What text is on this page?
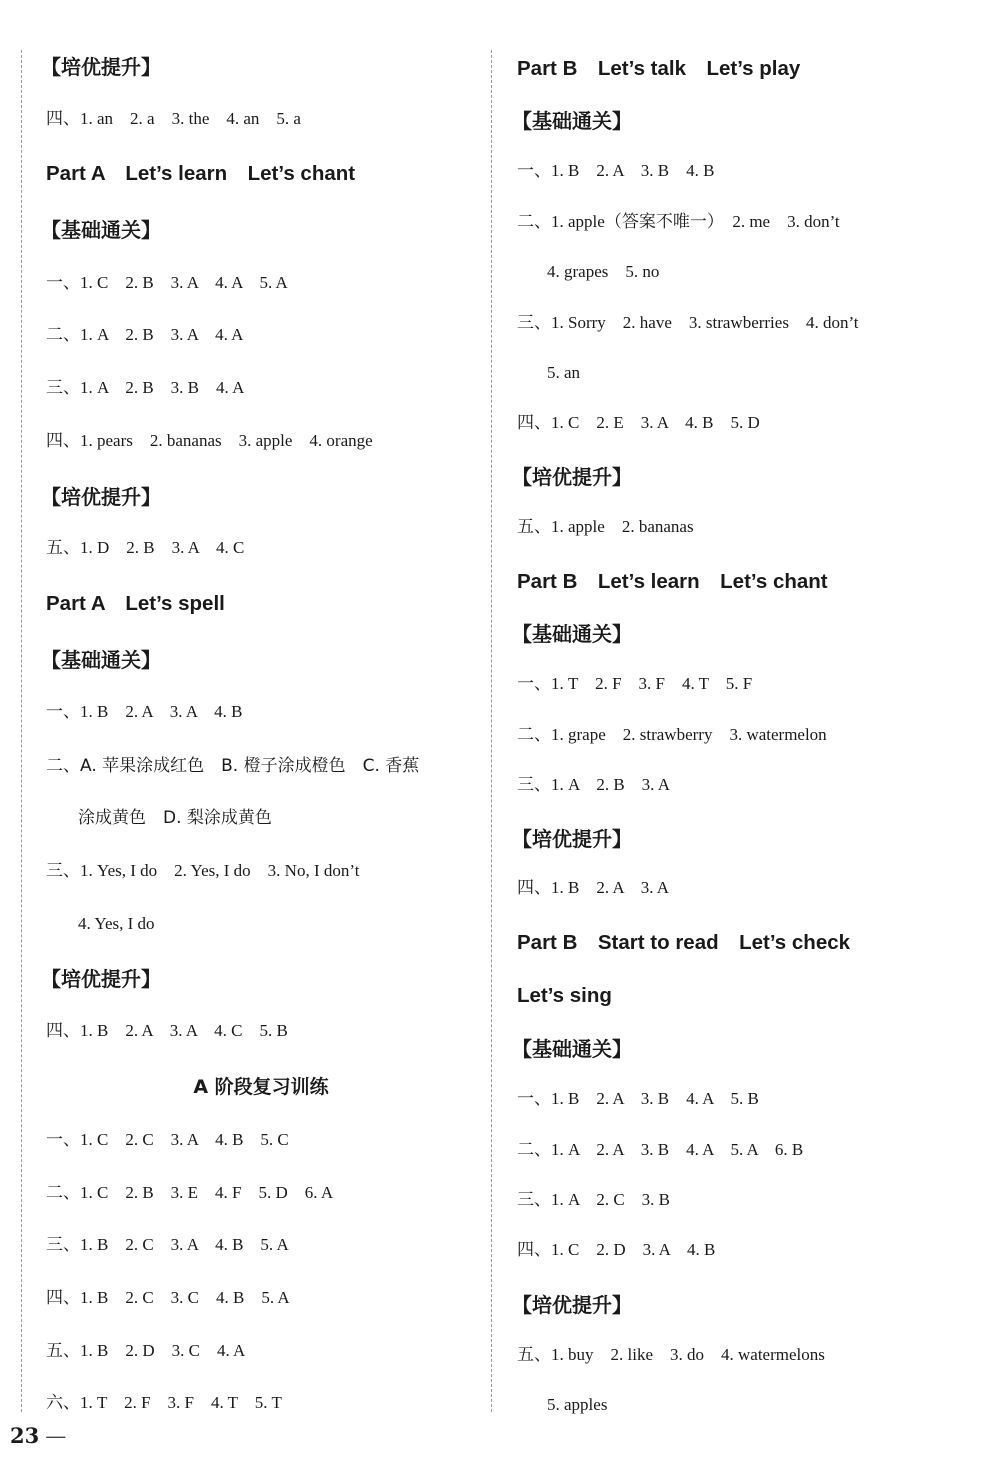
【培优提升】
四、1. an　2. a　3. the　4. an　5. a
Part A　Let’s learn　Let’s chant
【基础通关】
一、1. C　2. B　3. A　4. A　5. A
二、1. A　2. B　3. A　4. A
三、1. A　2. B　3. B　4. A
四、1. pears　2. bananas　3. apple　4. orange
【培优提升】
五、1. D　2. B　3. A　4. C
Part A　Let’s spell
【基础通关】
一、1. B　2. A　3. A　4. B
二、A. 苹果涂成红色　B. 橙子涂成橙色　C. 香蕉
涂成黄色　D. 梨涂成黄色
三、1. Yes, I do　2. Yes, I do　3. No, I don’t
4. Yes, I do
【培优提升】
四、1. B　2. A　3. A　4. C　5. B
A 阶段复习训练
一、1. C　2. C　3. A　4. B　5. C
二、1. C　2. B　3. E　4. F　5. D　6. A
三、1. B　2. C　3. A　4. B　5. A
四、1. B　2. C　3. C　4. B　5. A
五、1. B　2. D　3. C　4. A
六、1. T　2. F　3. F　4. T　5. T
Part B　Let’s talk　Let’s play
【基础通关】
一、1. B　2. A　3. B　4. B
二、1. apple（答案不唯一）　2. me　3. don’t
4. grapes　5. no
三、1. Sorry　2. have　3. strawberries　4. don’t
5. an
四、1. C　2. E　3. A　4. B　5. D
【培优提升】
五、1. apple　2. bananas
Part B　Let’s learn　Let’s chant
【基础通关】
一、1. T　2. F　3. F　4. T　5. F
二、1. grape　2. strawberry　3. watermelon
三、1. A　2. B　3. A
【培优提升】
四、1. B　2. A　3. A
Part B　Start to read　Let’s check
Let’s sing
【基础通关】
一、1. B　2. A　3. B　4. A　5. B
二、1. A　2. A　3. B　4. A　5. A　6. B
三、1. A　2. C　3. B
四、1. C　2. D　3. A　4. B
【培优提升】
五、1. buy　2. like　3. do　4. watermelons
5. apples
23 —
